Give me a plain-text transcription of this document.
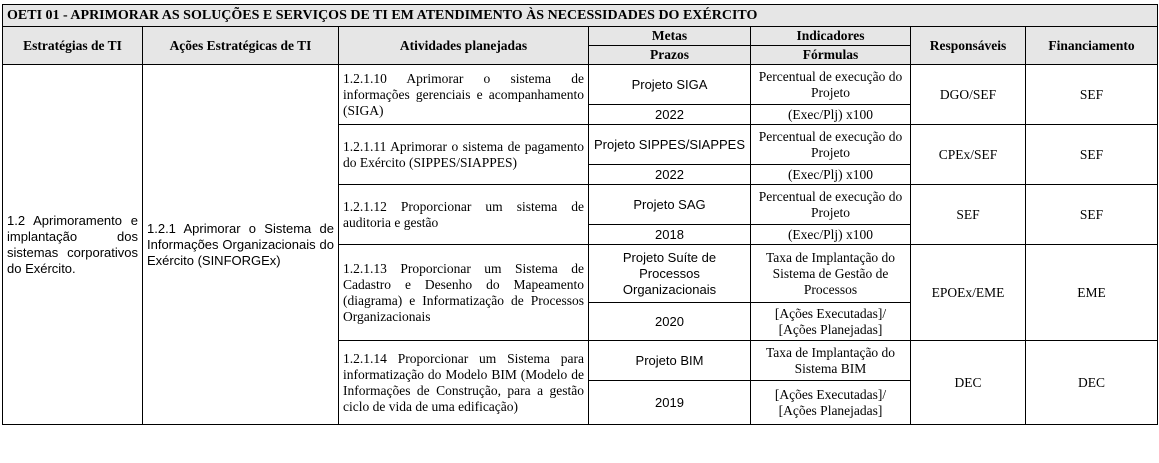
OETI 01 - APRIMORAR AS SOLUÇÕES E SERVIÇOS DE TI EM ATENDIMENTO ÀS NECESSIDADES DO EXÉRCITO						
Estratégias de TI	Ações Estratégicas de TI	Atividades planejadas	Metas	Indicadores	Responsáveis	Financiamento
			Prazos	Fórmulas		
1.2 Aprimoramento e implantação dos sistemas corporativos do Exército.	1.2.1 Aprimorar o Sistema de Informações Organizacionais do Exército (SINFORGEx)	1.2.1.10 Aprimorar o sistema de informações gerenciais e acompanhamento (SIGA)	Projeto SIGA	Percentual de execução do Projeto	DGO/SEF	SEF
			2022	(Exec/Plj) x100		
		1.2.1.11 Aprimorar o sistema de pagamento do Exército (SIPPES/SIAPPES)	Projeto SIPPES/SIAPPES	Percentual de execução do Projeto	CPEx/SEF	SEF
			2022	(Exec/Plj) x100		
		1.2.1.12 Proporcionar um sistema de auditoria e gestão	Projeto SAG	Percentual de execução do Projeto	SEF	SEF
			2018	(Exec/Plj) x100		
		1.2.1.13 Proporcionar um Sistema de Cadastro e Desenho do Mapeamento (diagrama) e Informatização de Processos Organizacionais	Projeto Suíte de Processos Organizacionais	Taxa de Implantação do Sistema de Gestão de Processos	EPOEx/EME	EME
			2020	[Ações Executadas]/ [Ações Planejadas]		
		1.2.1.14 Proporcionar um Sistema para informatização do Modelo BIM (Modelo de Informações de Construção, para a gestão ciclo de vida de uma edificação)	Projeto BIM	Taxa de Implantação do Sistema BIM	DEC	DEC
			2019	[Ações Executadas]/ [Ações Planejadas]		
